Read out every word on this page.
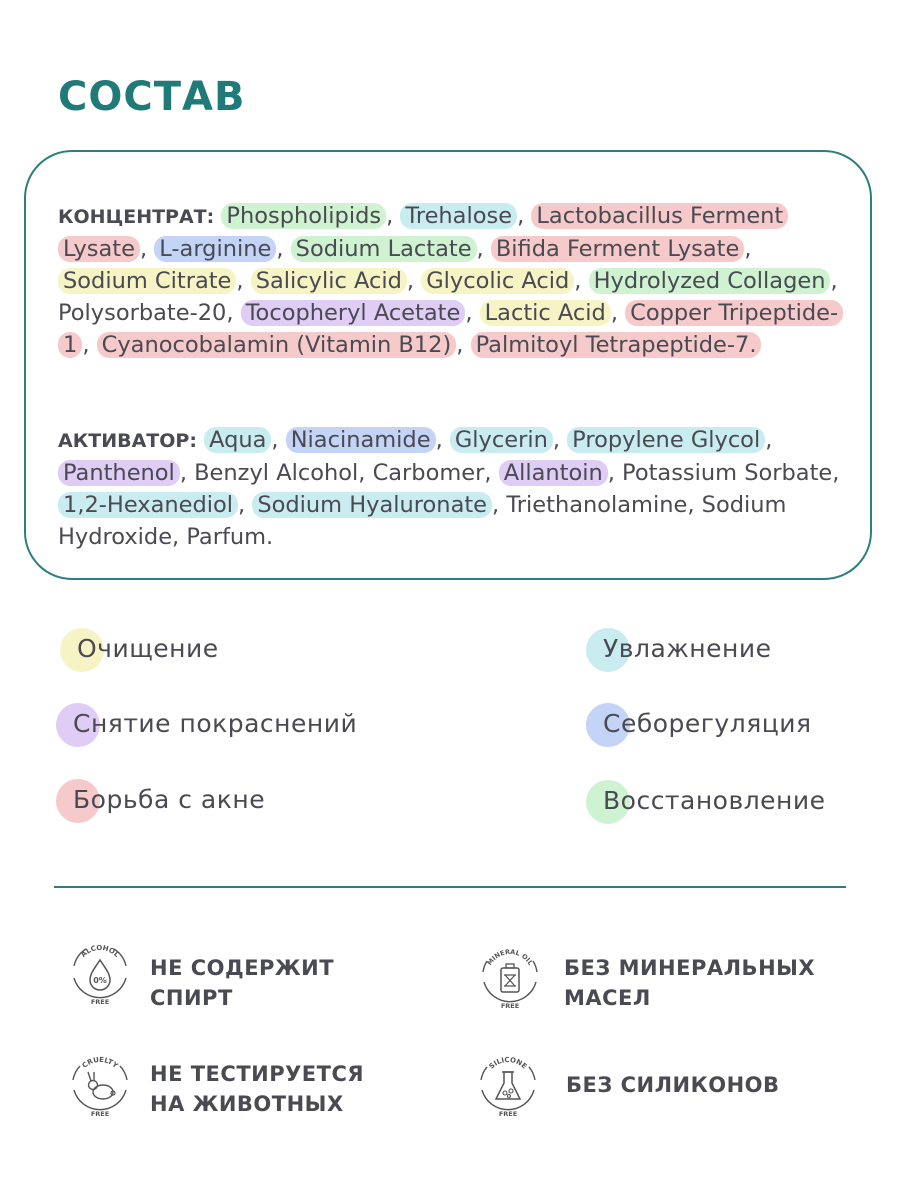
СОСТАВ

КОНЦЕНТРАТ: Phospholipids , Trehalose , Lactobacillus Ferment Lysate , L-arginine , Sodium Lactate , Bifida Ferment Lysate , Sodium Citrate , Salicylic Acid , Glycolic Acid , Hydrolyzed Collagen , Polysorbate-20, Tocopheryl Acetate , Lactic Acid , Copper Tripeptide-1 , Cyanocobalamin (Vitamin B12) , Palmitoyl Tetrapeptide-7.

АКТИВАТОР: Aqua , Niacinamide , Glycerin , Propylene Glycol , Panthenol , Benzyl Alcohol, Carbomer, Allantoin , Potassium Sorbate, 1,2-Hexanediol , Sodium Hyaluronate , Triethanolamine, Sodium Hydroxide, Parfum.

Очищение	Увлажнение
Снятие покраснений	Себорегуляция
Борьба с акне	Восстановление
ALCOHOL
0%
FREE

НЕ СОДЕРЖИТ
СПИРТ

MINERAL OIL
FREE

БЕЗ МИНЕРАЛЬНЫХ
МАСЕЛ

CRUELTY
FREE

НЕ ТЕСТИРУЕТСЯ
НА ЖИВОТНЫХ

SILICONE
FREE

БЕЗ СИЛИКОНОВ
